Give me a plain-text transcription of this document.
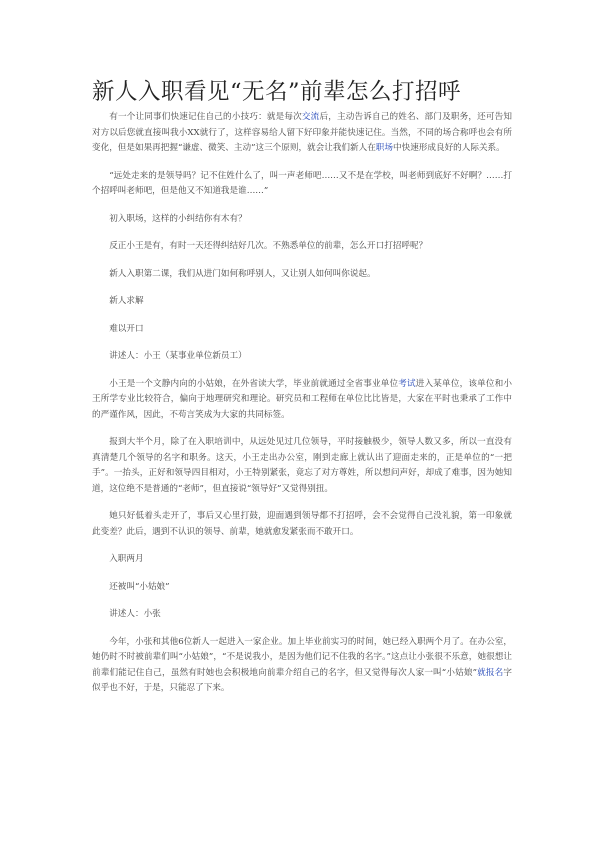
新人入职看见“无名”前辈怎么打招呼

有一个让同事们快速记住自己的小技巧：就是每次交流后，主动告诉自己的姓名、部门及职务，还可告知对方以后您就直接叫我小XX就行了，这样容易给人留下好印象并能快速记住。当然，不同的场合称呼也会有所变化，但是如果再把握“谦虚、微笑、主动”这三个原则，就会让我们新人在职场中快速形成良好的人际关系。

“远处走来的是领导吗？记不住姓什么了，叫一声老师吧……又不是在学校，叫老师到底好不好啊？……打个招呼叫老师吧，但是他又不知道我是谁……”

初入职场，这样的小纠结你有木有？

反正小王是有，有时一天还得纠结好几次。不熟悉单位的前辈，怎么开口打招呼呢？

新人入职第二课，我们从进门如何称呼别人，又让别人如何叫你说起。

新人求解

难以开口

讲述人：小王（某事业单位新员工）

小王是一个文静内向的小姑娘，在外省读大学，毕业前就通过全省事业单位考试进入某单位，该单位和小王所学专业比较符合，偏向于地理研究和理论。研究员和工程师在单位比比皆是，大家在平时也秉承了工作中的严谨作风，因此，不苟言笑成为大家的共同标签。

报到大半个月，除了在入职培训中，从远处见过几位领导，平时接触极少，领导人数又多，所以一直没有真清楚几个领导的名字和职务。这天，小王走出办公室，刚到走廊上就认出了迎面走来的，正是单位的“一把手”。一抬头，正好和领导四目相对，小王特别紧张，竟忘了对方尊姓，所以想问声好，却成了难事，因为她知道，这位绝不是普通的“老师”，但直接说“领导好”又觉得别扭。

她只好低着头走开了，事后又心里打鼓，迎面遇到领导都不打招呼，会不会觉得自己没礼貌，第一印象就此变差？此后，遇到不认识的领导、前辈，她就愈发紧张而不敢开口。

入职两月

还被叫“小姑娘”

讲述人：小张

今年，小张和其他6位新人一起进入一家企业。加上毕业前实习的时间，她已经入职两个月了。在办公室，她仍时不时被前辈们叫“小姑娘”，“不是说我小，是因为他们记不住我的名字。”这点让小张很不乐意，她很想让前辈们能记住自己，虽然有时她也会积极地向前辈介绍自己的名字，但又觉得每次人家一叫“小姑娘”就报名字似乎也不好，于是，只能忍了下来。
